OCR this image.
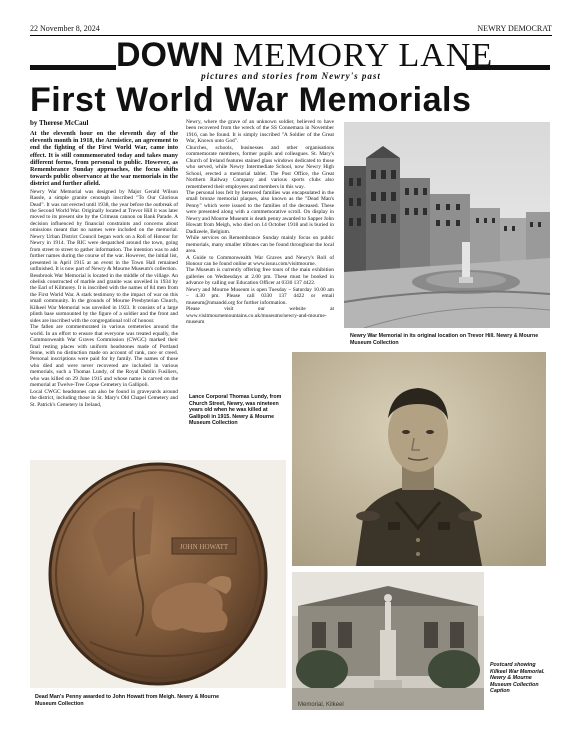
22 November 8, 2024	NEWRY DEMOCRAT
DOWN MEMORY LANE
pictures and stories from Newry's past
First World War Memorials
by Therese McCaul

At the eleventh hour on the eleventh day of the eleventh month in 1918, the Armistice, an agreement to end the fighting of the First World War, came into effect. It is still commemorated today and takes many different forms, from personal to public. However, as Remembrance Sunday approaches, the focus shifts towards public observance at the war memorials in the district and further afield.

Newry War Memorial was designed by Major Gerald Wilson Rassle, a simple granite cenotaph inscribed "To Our Glorious Dead". It was not erected until 1938, the year before the outbreak of the Second World War. Originally located at Trevor Hill it was later moved to its present site by the Crimean cannon on Bank Parade. A decision influenced by financial constraints and concerns about omissions meant that no names were included on the memorial. Newry Urban District Council began work on a Roll of Honour for Newry in 1914. The RIC were despatched around the town, going from street to street to gather information. The intention was to add further names during the course of the war. However, the initial list, presented in April 1915 at an event in the Town Hall remained unfinished. It is now part of Newry & Mourne Museum's collection.

Bessbrook War Memorial is located in the middle of the village. An obelisk constructed of marble and granite was unveiled in 1934 by the Earl of Kilmorey. It is inscribed with the names of 84 men from the First World War. A stark testimony to the impact of war on this small community. In the grounds of Mourne Presbyterian Church, Kilkeel War Memorial was unveiled in 1923. It consists of a large plinth base surmounted by the figure of a soldier and the front and sides are inscribed with the congregational roll of honour.

The fallen are commemorated in various cemeteries around the world. In an effort to ensure that everyone was treated equally, the Commonwealth War Graves Commission (CWGC) marked their final resting places with uniform headstones made of Portland Stone, with no distinction made on account of rank, race or creed. Personal inscriptions were paid for by family. The names of those who died and were never recovered are included in various memorials, such a Thomas Lundy, of the Royal Dublin Fusiliers, who was killed on 29 June 1915 and whose name is carved on the memorial at Twelve-Tree Copse Cemetery in Gallipoli.

Local CWGC headstones can also be found in graveyards around the district, including those in St. Mary's Old Chapel Cemetery and St. Patrick's Cemetery in Ireland,

Newry, where the grave of an unknown soldier, believed to have been recovered from the wreck of the SS Connemara in November 1916, can be found. It is simply inscribed "A Soldier of the Great War, Known unto God".

Churches, schools, businesses and other organisations commemorate members, former pupils and colleagues. St. Mary's Church of Ireland features stained glass windows dedicated to those who served, while Newry Intermediate School, now Newry High School, erected a memorial tablet. The Post Office, the Great Northern Railway Company and various sports clubs also remembered their employees and members in this way.

The personal loss felt by bereaved families was encapsulated in the small bronze memorial plaques, also known as the "Dead Man's Penny" which were issued to the families of the deceased. These were presented along with a commemorative scroll. On display in Newry and Mourne Museum is death penny awarded to Sapper John Howatt from Meigh, who died on 14 October 1918 and is buried in Dadizeele, Belgium.

While services on Remembrance Sunday mainly focus on public memorials, many smaller tributes can be found throughout the local area.

A Guide to Commonwealth War Graves and Newry's Roll of Honour can be found online at www.issuu.com/visitmourne.

The Museum is currently offering free tours of the main exhibition galleries on Wednesdays at 2.00 pm. These must be booked in advance by calling our Education Officer at 0330 137 4422.

Newry and Mourne Museum is open Tuesday – Saturday 10.00 am – 4.30 pm. Please call 0330 137 4422 or email museum@nmandd.org for further information.

Please visit our website at www.visitmournemountains.co.uk/museums/newry-and-mourne-museum

Newry War Memorial in its original location on Trevor Hill. Newry & Mourne Museum Collection
Lance Corporal Thomas Lundy, from Church Street, Newry, was nineteen years old when he was killed at Gallipoli in 1915. Newry & Mourne Museum Collection
JOHN HOWATT
Dead Man's Penny awarded to John Howatt from Meigh. Newry & Mourne Museum Collection	Memorial, Kilkeel
Postcard showing Kilkeel War Memorial. Newry & Mourne Museum Collection Caption
